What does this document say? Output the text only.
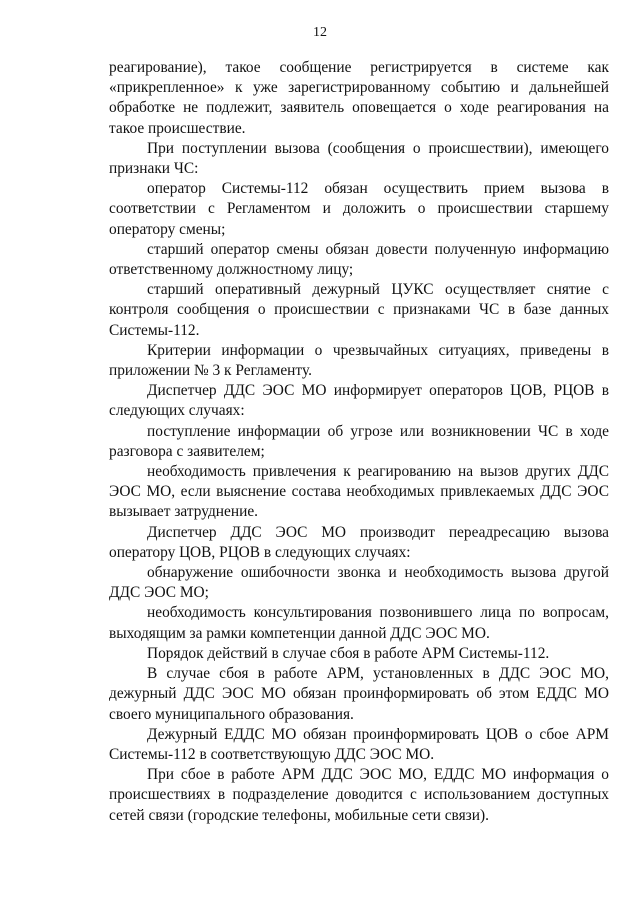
12

реагирование), такое сообщение регистрируется в системе как «прикрепленное» к уже зарегистрированному событию и дальнейшей обработке не подлежит, заявитель оповещается о ходе реагирования на такое происшествие.

При поступлении вызова (сообщения о происшествии), имеющего признаки ЧС:

оператор Системы-112 обязан осуществить прием вызова в соответствии с Регламентом и доложить о происшествии старшему оператору смены;

старший оператор смены обязан довести полученную информацию ответственному должностному лицу;

старший оперативный дежурный ЦУКС осуществляет снятие с контроля сообщения о происшествии с признаками ЧС в базе данных Системы-112.

Критерии информации о чрезвычайных ситуациях, приведены в приложении № 3 к Регламенту.

Диспетчер ДДС ЭОС МО информирует операторов ЦОВ, РЦОВ в следующих случаях:

поступление информации об угрозе или возникновении ЧС в ходе разговора с заявителем;

необходимость привлечения к реагированию на вызов других ДДС ЭОС МО, если выяснение состава необходимых привлекаемых ДДС ЭОС вызывает затруднение.

Диспетчер ДДС ЭОС МО производит переадресацию вызова оператору ЦОВ, РЦОВ в следующих случаях:

обнаружение ошибочности звонка и необходимость вызова другой ДДС ЭОС МО;

необходимость консультирования позвонившего лица по вопросам, выходящим за рамки компетенции данной ДДС ЭОС МО.

Порядок действий в случае сбоя в работе АРМ Системы-112.

В случае сбоя в работе АРМ, установленных в ДДС ЭОС МО, дежурный ДДС ЭОС МО обязан проинформировать об этом ЕДДС МО своего муниципального образования.

Дежурный ЕДДС МО обязан проинформировать ЦОВ о сбое АРМ Системы-112 в соответствующую ДДС ЭОС МО.

При сбое в работе АРМ ДДС ЭОС МО, ЕДДС МО информация о происшествиях в подразделение доводится с использованием доступных сетей связи (городские телефоны, мобильные сети связи).
